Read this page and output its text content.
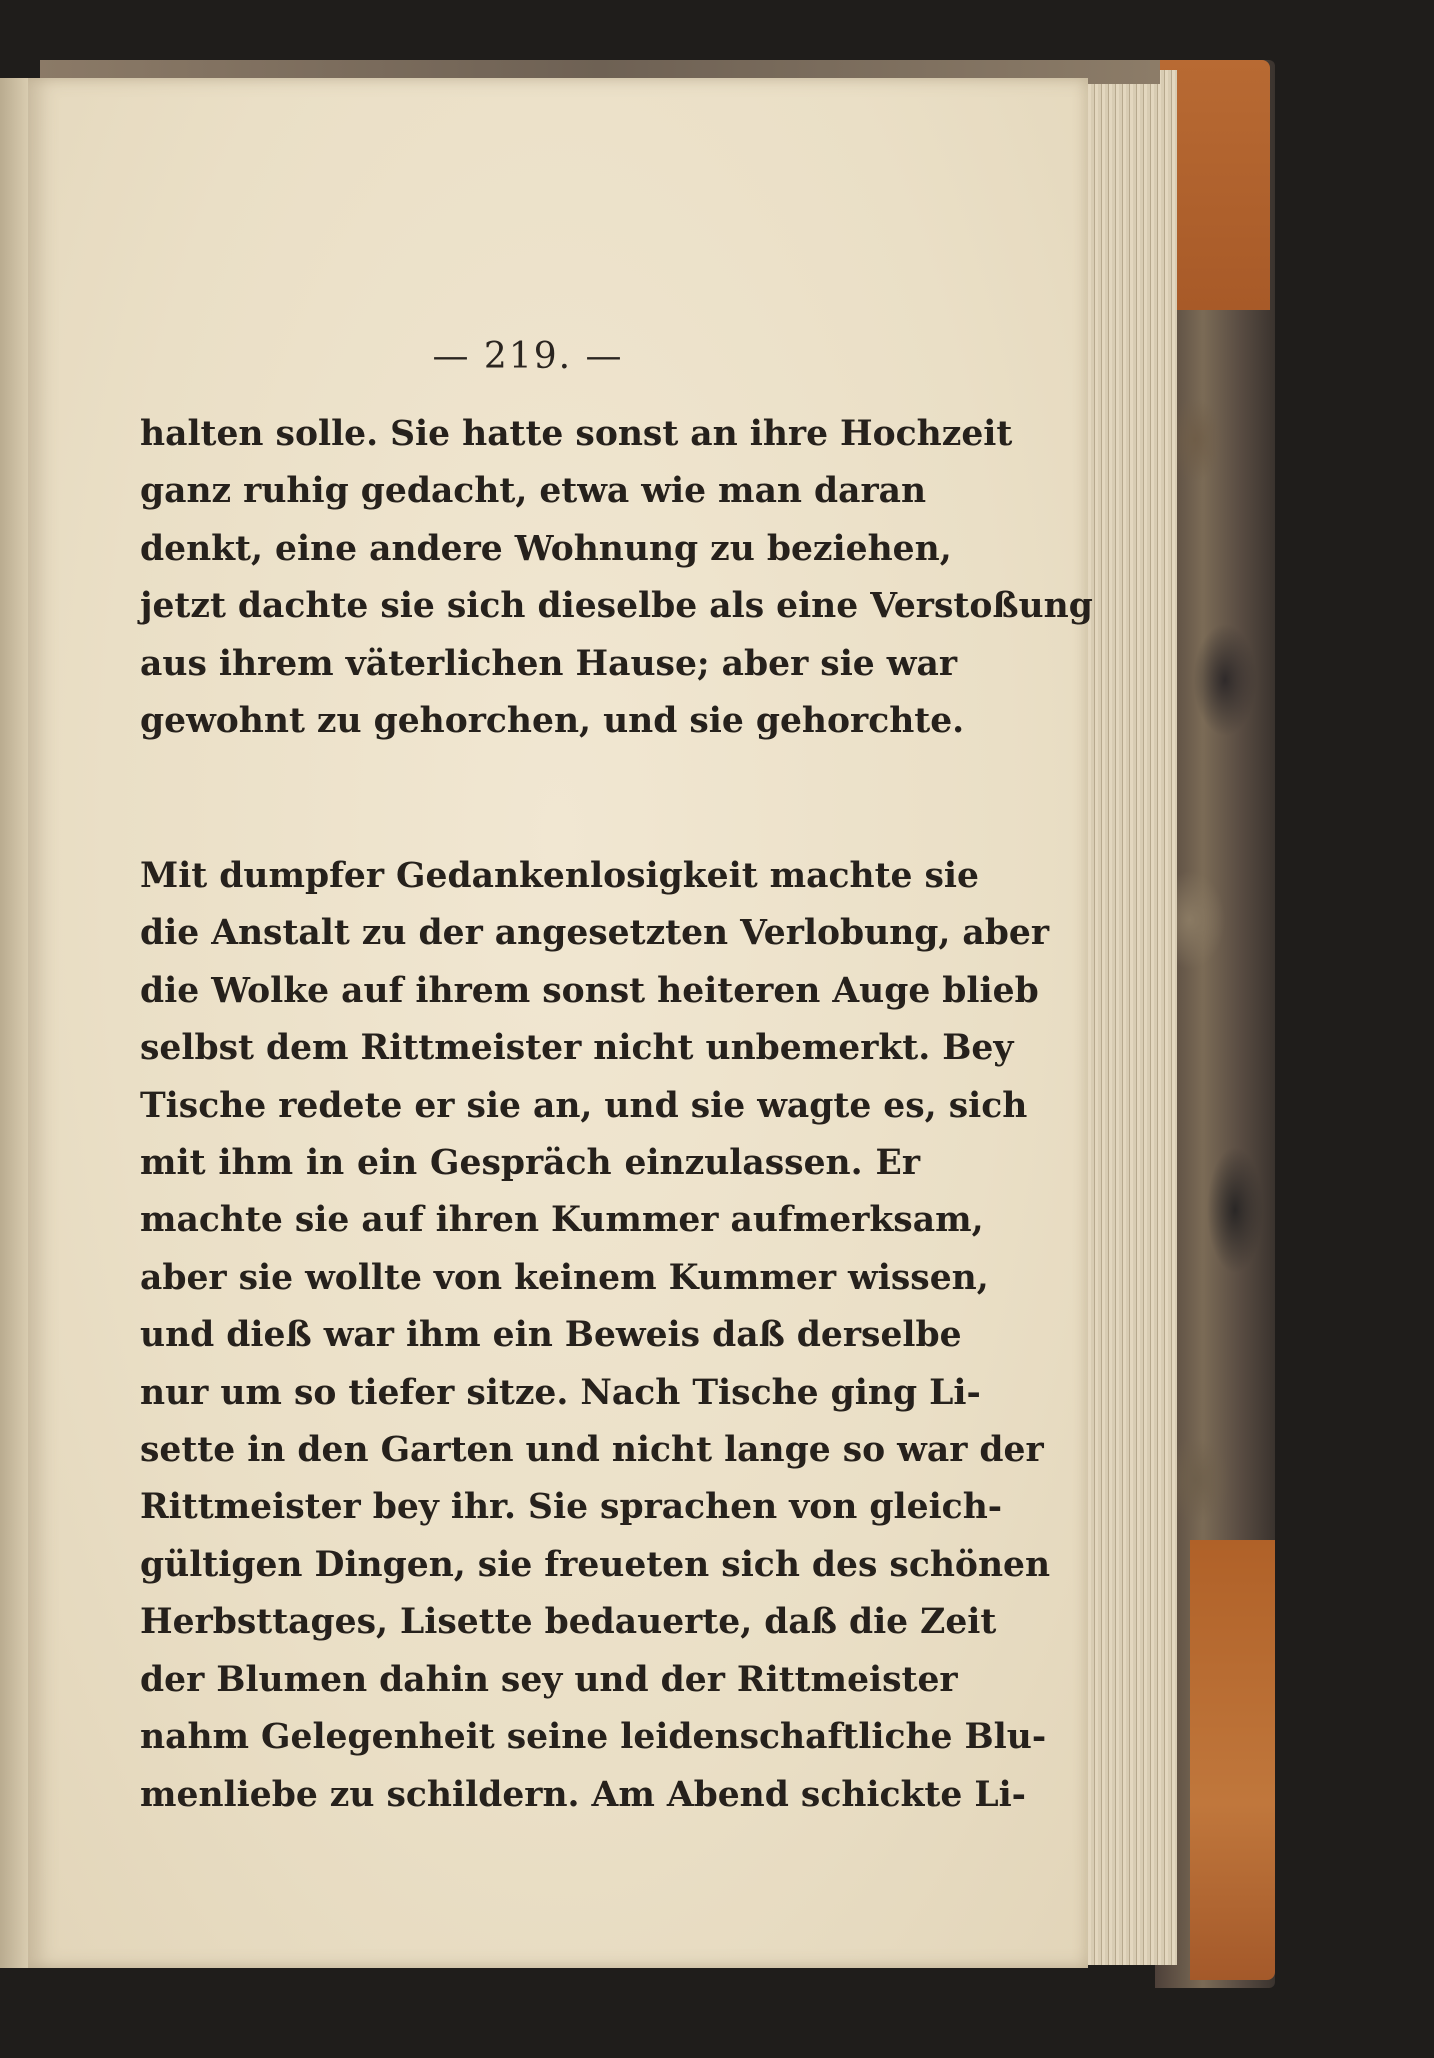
— 219. —
halten solle. Sie hatte sonst an ihre Hochzeit
ganz ruhig gedacht, etwa wie man daran
denkt, eine andere Wohnung zu beziehen,
jetzt dachte sie sich dieselbe als eine Verstoßung
aus ihrem väterlichen Hause; aber sie war
gewohnt zu gehorchen, und sie gehorchte.
Mit dumpfer Gedankenlosigkeit machte sie
die Anstalt zu der angesetzten Verlobung, aber
die Wolke auf ihrem sonst heiteren Auge blieb
selbst dem Rittmeister nicht unbemerkt. Bey
Tische redete er sie an, und sie wagte es, sich
mit ihm in ein Gespräch einzulassen. Er
machte sie auf ihren Kummer aufmerksam,
aber sie wollte von keinem Kummer wissen,
und dieß war ihm ein Beweis daß derselbe
nur um so tiefer sitze. Nach Tische ging Li-
sette in den Garten und nicht lange so war der
Rittmeister bey ihr. Sie sprachen von gleich-
gültigen Dingen, sie freueten sich des schönen
Herbsttages, Lisette bedauerte, daß die Zeit
der Blumen dahin sey und der Rittmeister
nahm Gelegenheit seine leidenschaftliche Blu-
menliebe zu schildern. Am Abend schickte Li-
